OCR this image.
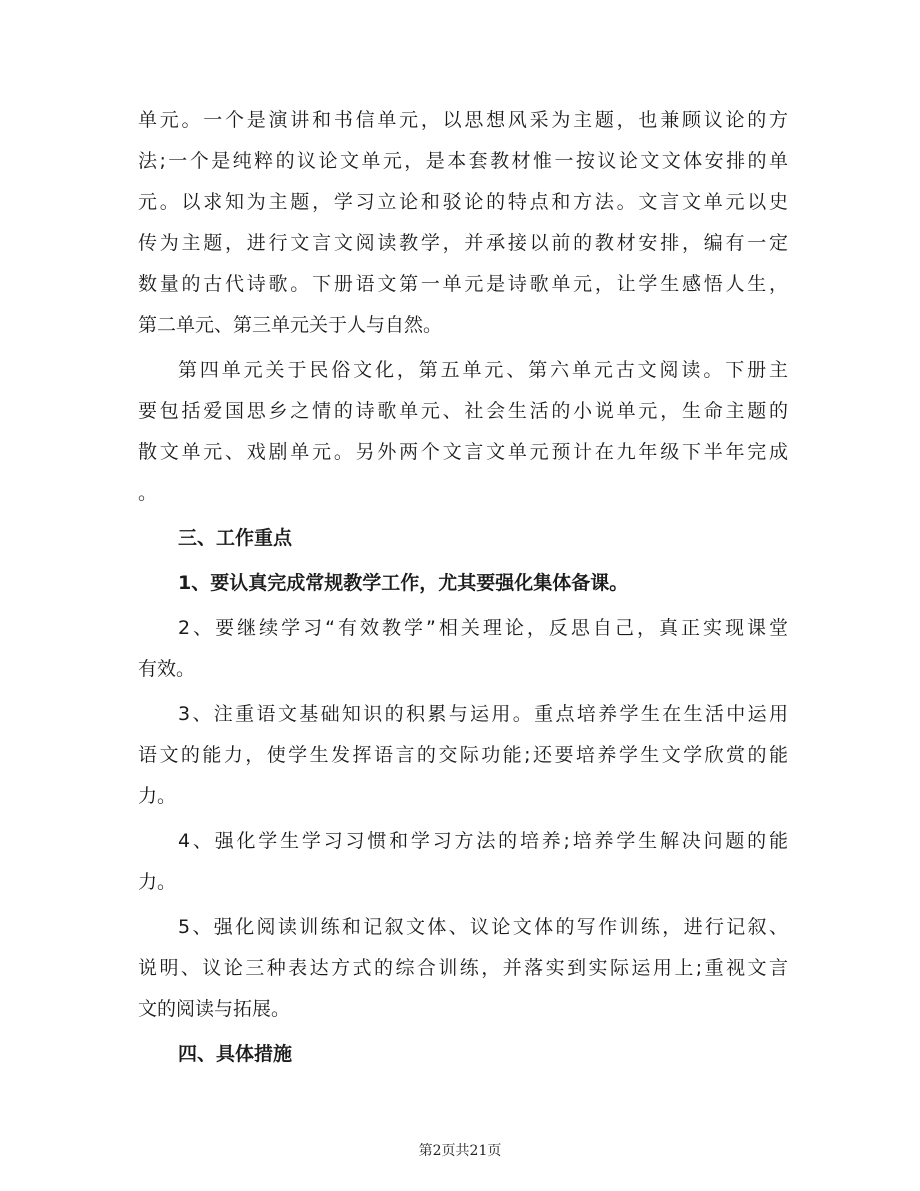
单元。一个是演讲和书信单元，以思想风采为主题，也兼顾议论的方
法;一个是纯粹的议论文单元，是本套教材惟一按议论文文体安排的单
元。以求知为主题，学习立论和驳论的特点和方法。文言文单元以史
传为主题，进行文言文阅读教学，并承接以前的教材安排，编有一定
数量的古代诗歌。下册语文第一单元是诗歌单元，让学生感悟人生，
第二单元、第三单元关于人与自然。
第四单元关于民俗文化，第五单元、第六单元古文阅读。下册主
要包括爱国思乡之情的诗歌单元、社会生活的小说单元，生命主题的
散文单元、戏剧单元。另外两个文言文单元预计在九年级下半年完成
。
三、工作重点
1、要认真完成常规教学工作，尤其要强化集体备课。
2、要继续学习“有效教学”相关理论，反思自己，真正实现课堂
有效。
3、注重语文基础知识的积累与运用。重点培养学生在生活中运用
语文的能力，使学生发挥语言的交际功能;还要培养学生文学欣赏的能
力。
4、强化学生学习习惯和学习方法的培养;培养学生解决问题的能
力。
5、强化阅读训练和记叙文体、议论文体的写作训练，进行记叙、
说明、议论三种表达方式的综合训练，并落实到实际运用上;重视文言
文的阅读与拓展。
四、具体措施
第2页共21页
